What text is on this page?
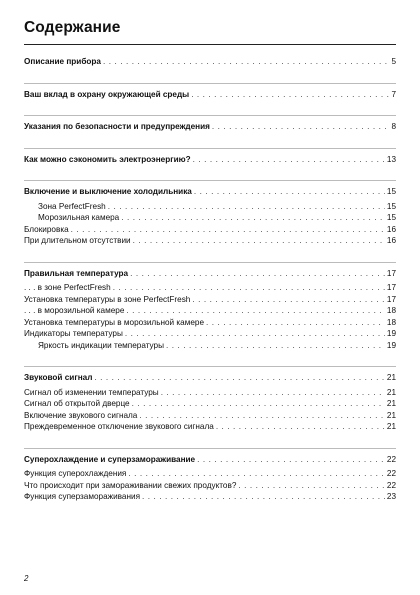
Содержание
Описание прибора . . .	5
Ваш вклад в охрану окружающей среды . . .	7
Указания по безопасности и предупреждения . . .	8
Как можно сэкономить электроэнергию? . . .	13
Включение и выключение холодильника . . .	15
Зона PerfectFresh . . .	15
Морозильная камера . . .	15
Блокировка . . .	16
При длительном отсутствии . . .	16
Правильная температура . . .	17
. . . в зоне PerfectFresh . . .	17
Установка температуры в зоне PerfectFresh . . .	17
. . . в морозильной камере . . .	18
Установка температуры в морозильной камере . . .	18
Индикаторы температуры . . .	19
Яркость индикации температуры . . .	19
Звуковой сигнал . . .	21
Сигнал об изменении температуры . . .	21
Сигнал об открытой дверце . . .	21
Включение звукового сигнала . . .	21
Преждевременное отключение звукового сигнала . . .	21
Суперохлаждение и суперзамораживание . . .	22
Функция суперохлаждения . . .	22
Что происходит при замораживании свежих продуктов? . . .	22
Функция суперзамораживания . . .	23
2
